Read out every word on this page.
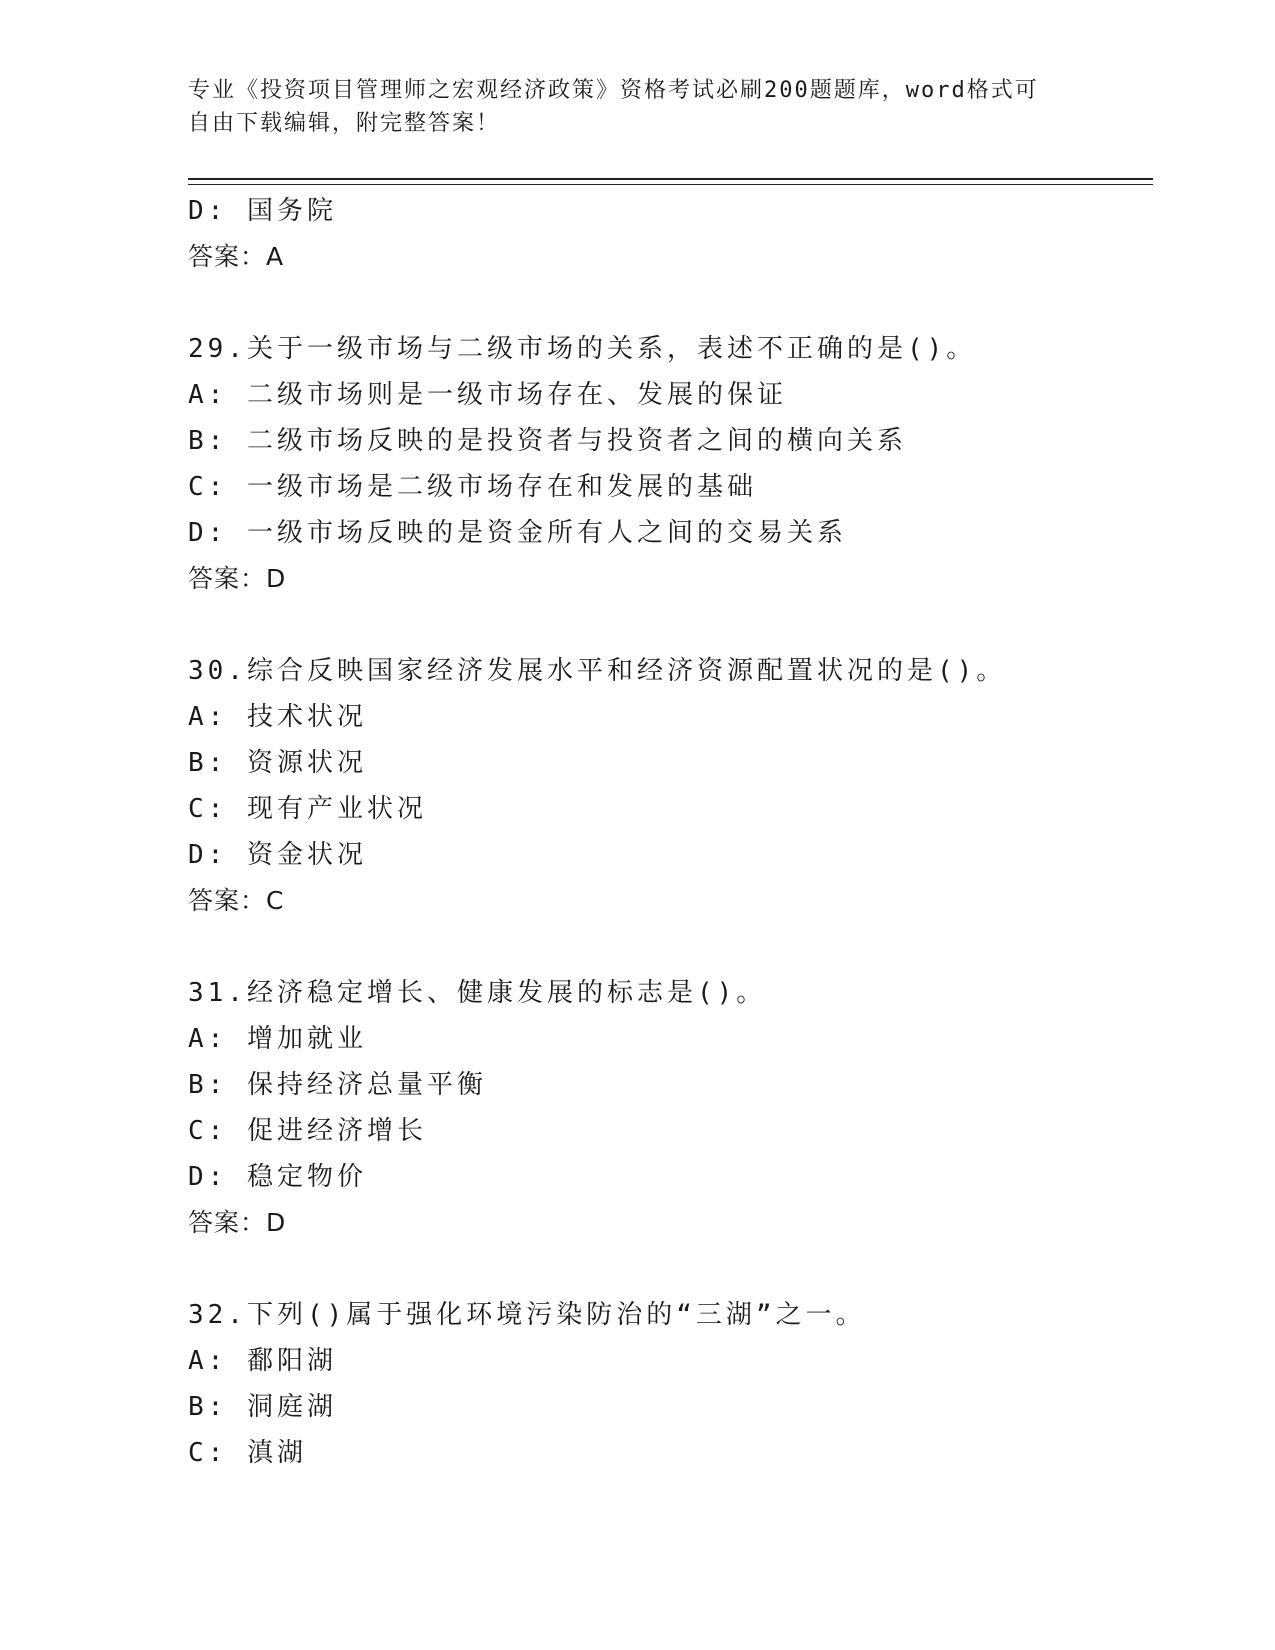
专业《投资项目管理师之宏观经济政策》资格考试必刷200题题库，word格式可
自由下载编辑，附完整答案！
D: 国务院
答案：A
29.关于一级市场与二级市场的关系，表述不正确的是()。
A: 二级市场则是一级市场存在、发展的保证
B: 二级市场反映的是投资者与投资者之间的横向关系
C: 一级市场是二级市场存在和发展的基础
D: 一级市场反映的是资金所有人之间的交易关系
答案：D
30.综合反映国家经济发展水平和经济资源配置状况的是()。
A: 技术状况
B: 资源状况
C: 现有产业状况
D: 资金状况
答案：C
31.经济稳定增长、健康发展的标志是()。
A: 增加就业
B: 保持经济总量平衡
C: 促进经济增长
D: 稳定物价
答案：D
32.下列()属于强化环境污染防治的“三湖”之一。
A: 鄱阳湖
B: 洞庭湖
C: 滇湖
